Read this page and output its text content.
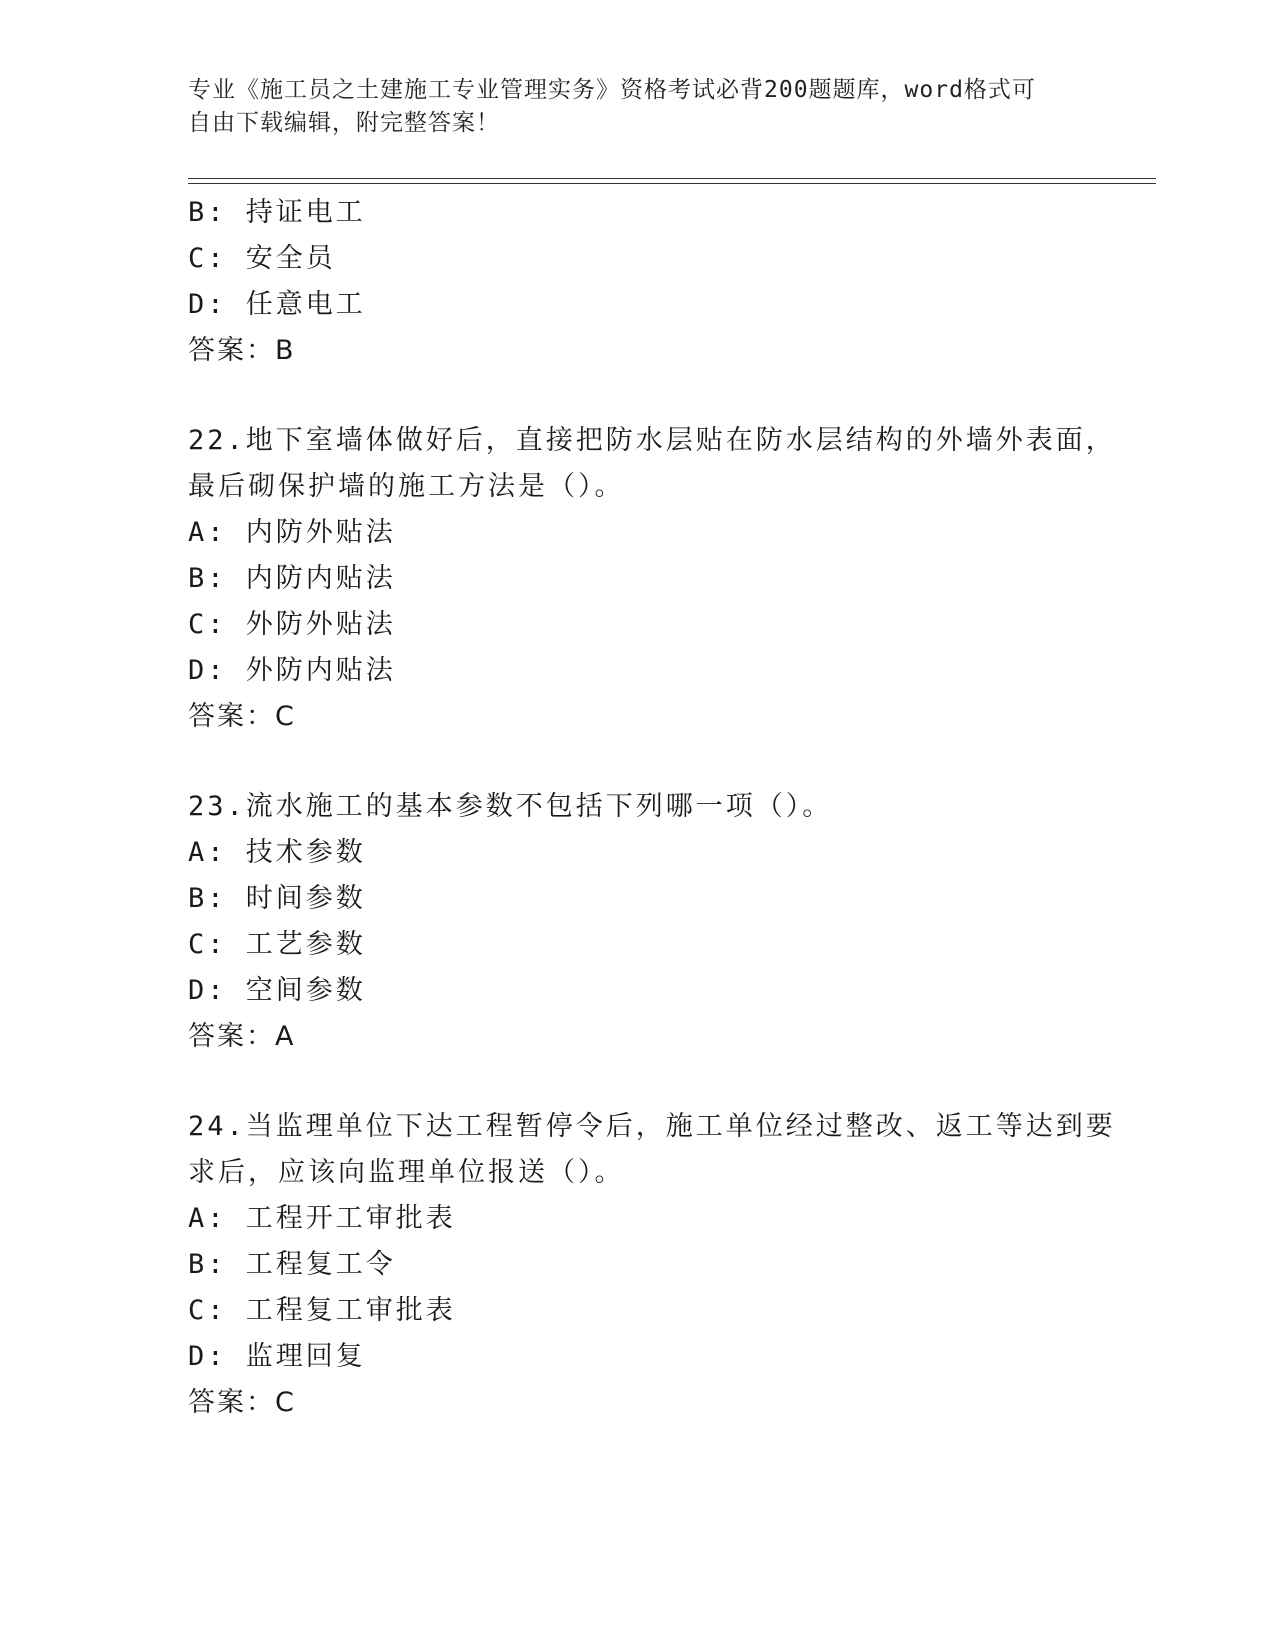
专业《施工员之土建施工专业管理实务》资格考试必背200题题库，word格式可
自由下载编辑，附完整答案！
B: 持证电工
C: 安全员
D: 任意电工
答案：B
22.地下室墙体做好后，直接把防水层贴在防水层结构的外墙外表面，
最后砌保护墙的施工方法是（）。
A: 内防外贴法
B: 内防内贴法
C: 外防外贴法
D: 外防内贴法
答案：C
23.流水施工的基本参数不包括下列哪一项（）。
A: 技术参数
B: 时间参数
C: 工艺参数
D: 空间参数
答案：A
24.当监理单位下达工程暂停令后，施工单位经过整改、返工等达到要
求后，应该向监理单位报送（）。
A: 工程开工审批表
B: 工程复工令
C: 工程复工审批表
D: 监理回复
答案：C
